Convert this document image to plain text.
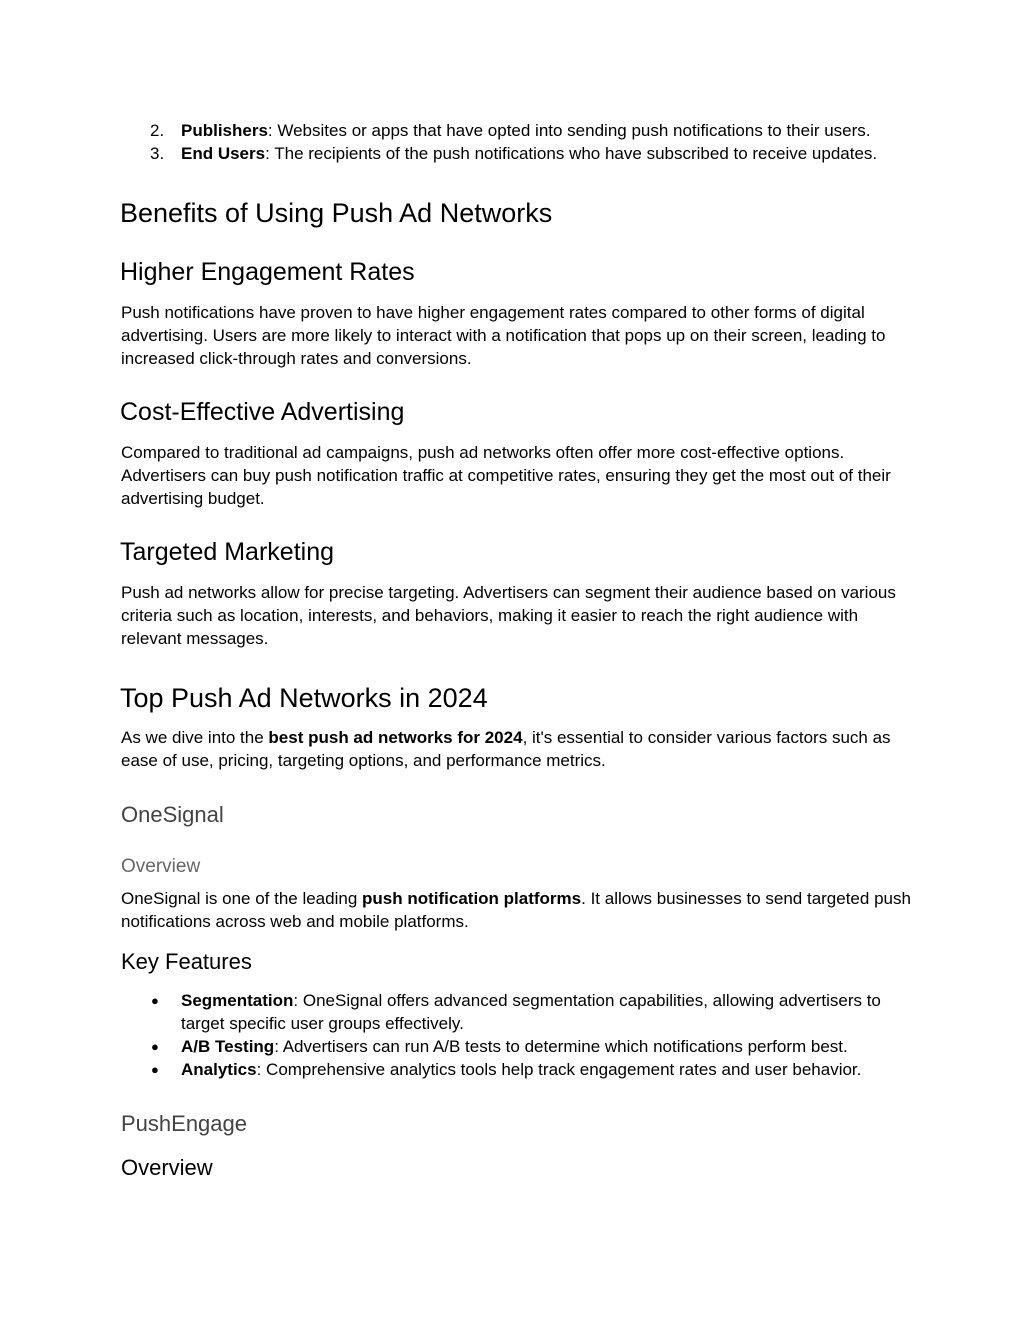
2. Publishers: Websites or apps that have opted into sending push notifications to their users.
3. End Users: The recipients of the push notifications who have subscribed to receive updates.
Benefits of Using Push Ad Networks
Higher Engagement Rates

Push notifications have proven to have higher engagement rates compared to other forms of digital advertising. Users are more likely to interact with a notification that pops up on their screen, leading to increased click-through rates and conversions.

Cost-Effective Advertising

Compared to traditional ad campaigns, push ad networks often offer more cost-effective options. Advertisers can buy push notification traffic at competitive rates, ensuring they get the most out of their advertising budget.

Targeted Marketing

Push ad networks allow for precise targeting. Advertisers can segment their audience based on various criteria such as location, interests, and behaviors, making it easier to reach the right audience with relevant messages.

Top Push Ad Networks in 2024

As we dive into the best push ad networks for 2024, it's essential to consider various factors such as ease of use, pricing, targeting options, and performance metrics.

OneSignal
Overview

OneSignal is one of the leading push notification platforms. It allows businesses to send targeted push notifications across web and mobile platforms.

Key Features
● Segmentation: OneSignal offers advanced segmentation capabilities, allowing advertisers to target specific user groups effectively.
● A/B Testing: Advertisers can run A/B tests to determine which notifications perform best.
● Analytics: Comprehensive analytics tools help track engagement rates and user behavior.
PushEngage
Overview
